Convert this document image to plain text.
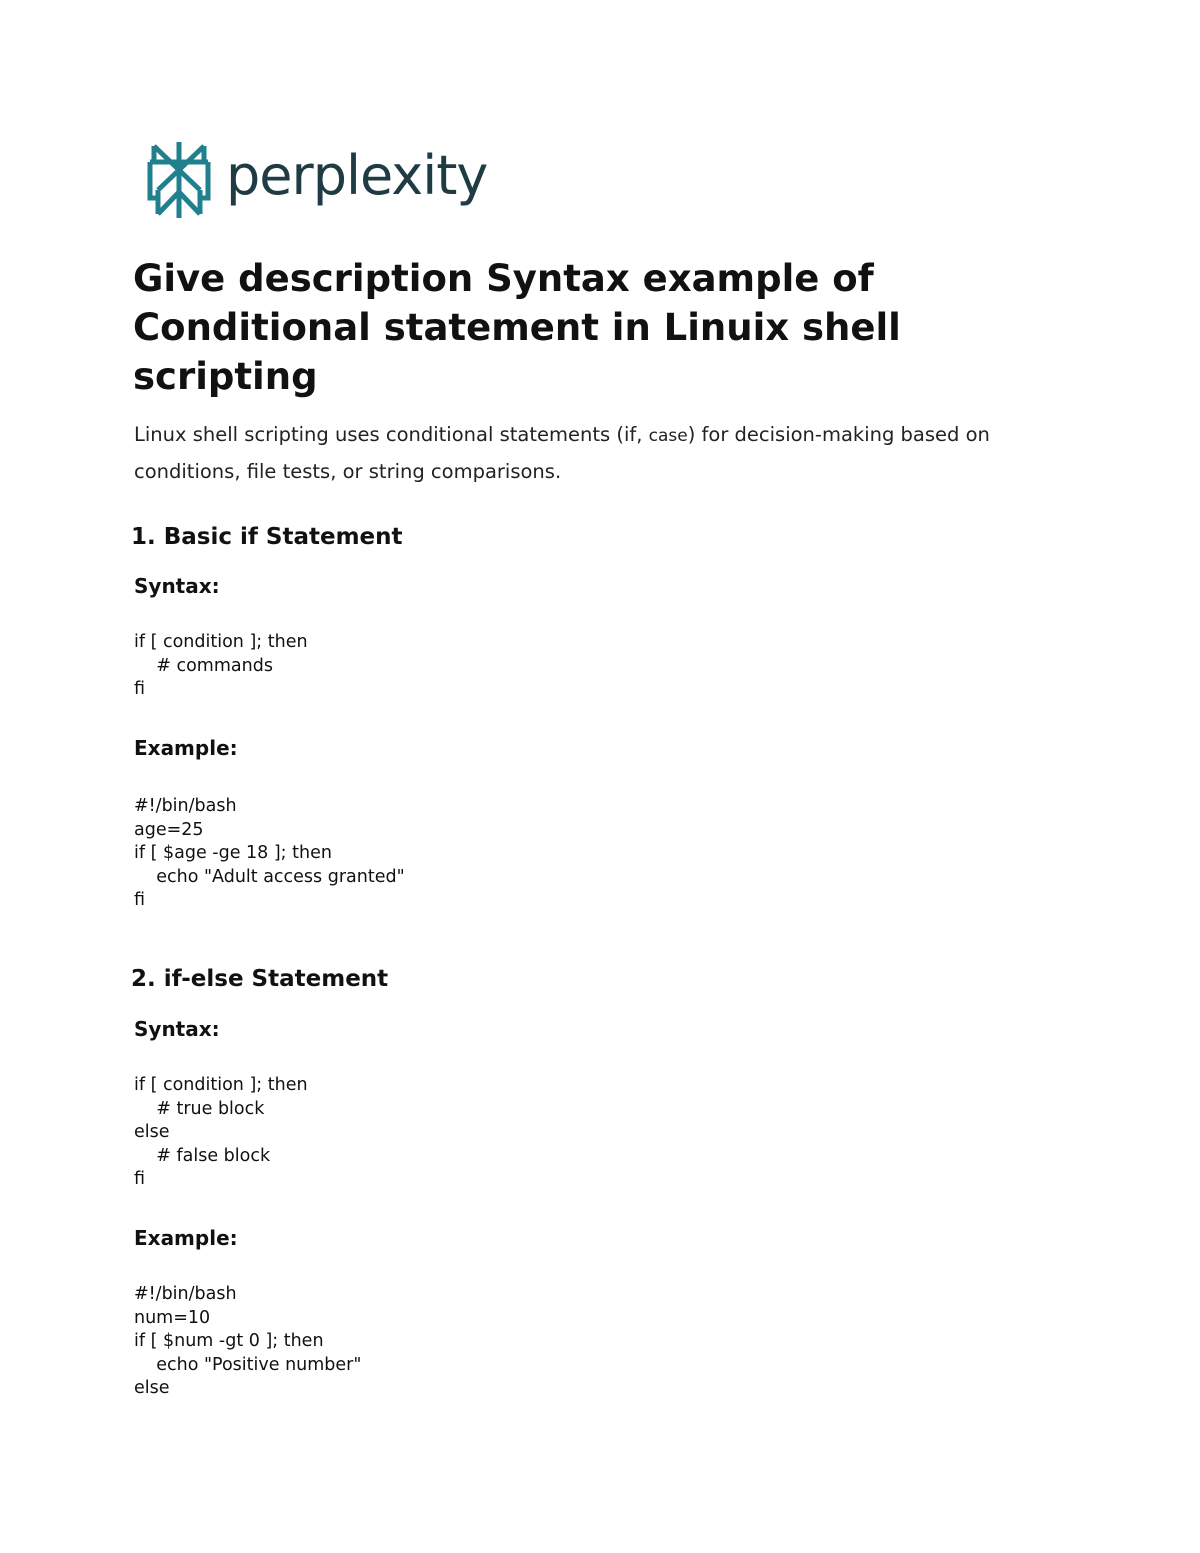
perplexity
Give description Syntax example of Conditional statement in Linuix shell scripting

Linux shell scripting uses conditional statements (if, case) for decision-making based on conditions, file tests, or string comparisons.

1. Basic if Statement
Syntax:
if [ condition ]; then
# commands
fi
Example:
#!/bin/bash
age=25
if [ $age -ge 18 ]; then
echo "Adult access granted"
fi
2. if-else Statement
Syntax:
if [ condition ]; then
# true block
else
# false block
fi
Example:
#!/bin/bash
num=10
if [ $num -gt 0 ]; then
echo "Positive number"
else
